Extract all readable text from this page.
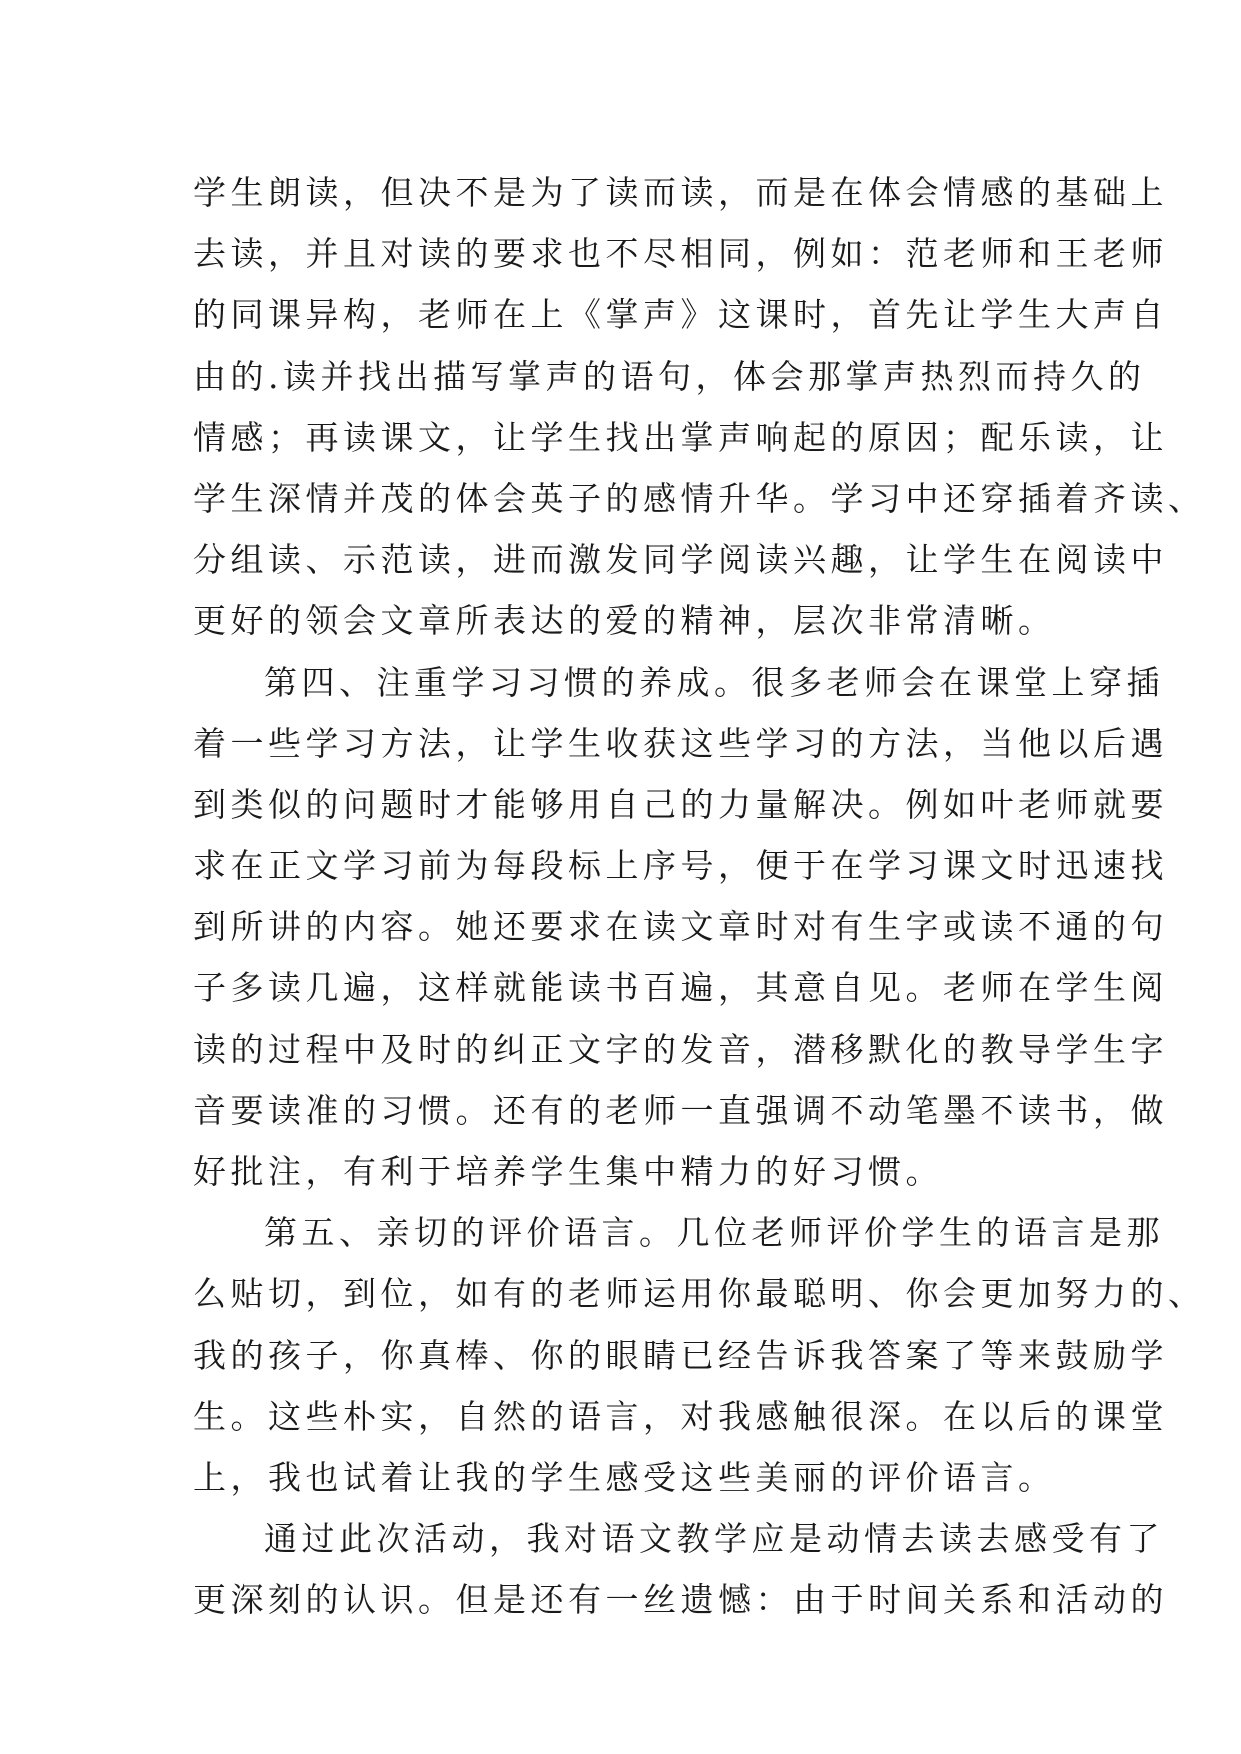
学生朗读，但决不是为了读而读，而是在体会情感的基础上
去读，并且对读的要求也不尽相同，例如：范老师和王老师
的同课异构，老师在上《掌声》这课时，首先让学生大声自
由的.读并找出描写掌声的语句，体会那掌声热烈而持久的
情感；再读课文，让学生找出掌声响起的原因；配乐读，让
学生深情并茂的体会英子的感情升华。学习中还穿插着齐读、
分组读、示范读，进而激发同学阅读兴趣，让学生在阅读中
更好的领会文章所表达的爱的精神，层次非常清晰。
第四、注重学习习惯的养成。很多老师会在课堂上穿插
着一些学习方法，让学生收获这些学习的方法，当他以后遇
到类似的问题时才能够用自己的力量解决。例如叶老师就要
求在正文学习前为每段标上序号，便于在学习课文时迅速找
到所讲的内容。她还要求在读文章时对有生字或读不通的句
子多读几遍，这样就能读书百遍，其意自见。老师在学生阅
读的过程中及时的纠正文字的发音，潜移默化的教导学生字
音要读准的习惯。还有的老师一直强调不动笔墨不读书，做
好批注，有利于培养学生集中精力的好习惯。
第五、亲切的评价语言。几位老师评价学生的语言是那
么贴切，到位，如有的老师运用你最聪明、你会更加努力的、
我的孩子，你真棒、你的眼睛已经告诉我答案了等来鼓励学
生。这些朴实，自然的语言，对我感触很深。在以后的课堂
上，我也试着让我的学生感受这些美丽的评价语言。
通过此次活动，我对语文教学应是动情去读去感受有了
更深刻的认识。但是还有一丝遗憾：由于时间关系和活动的
